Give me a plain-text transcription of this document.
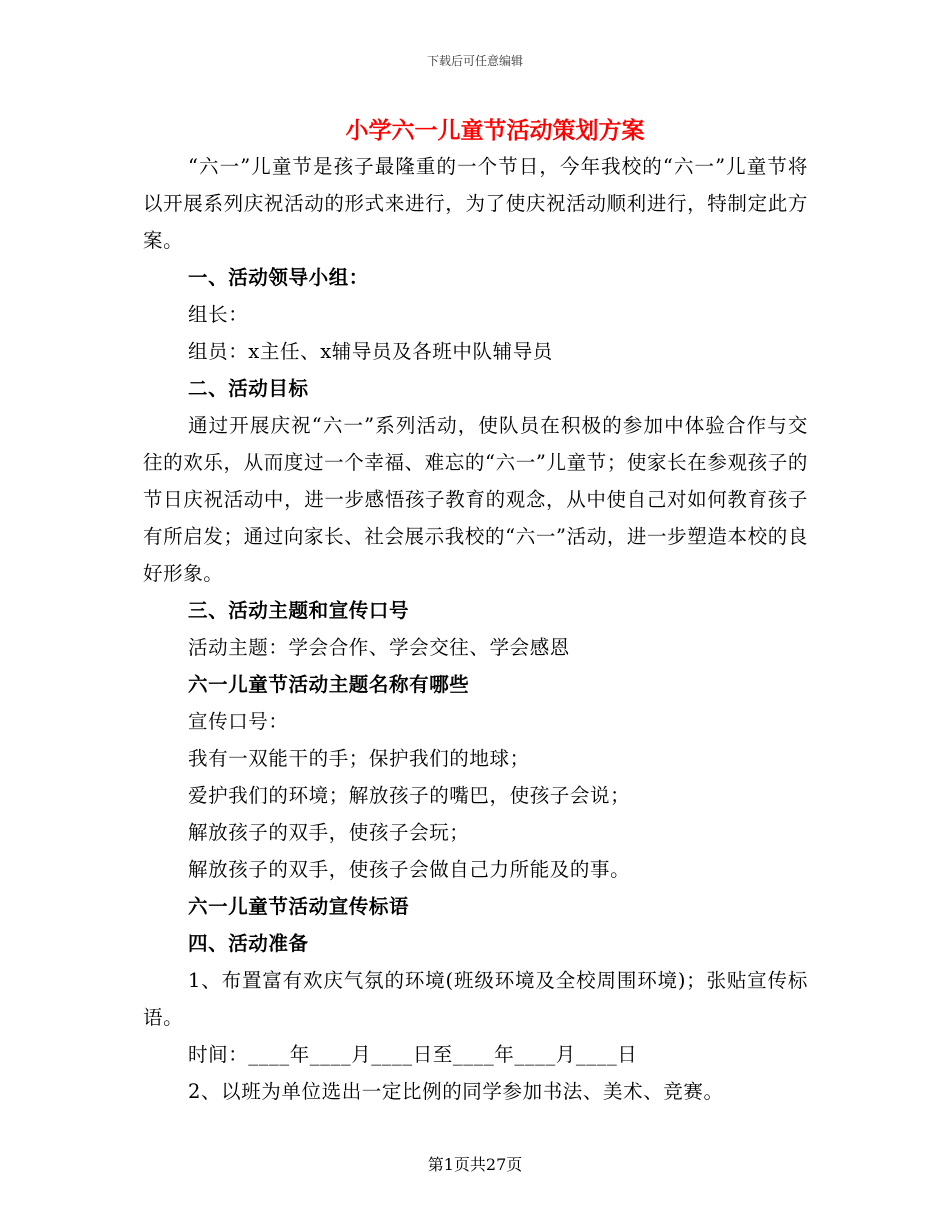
下载后可任意编辑
小学六一儿童节活动策划方案

“六一”儿童节是孩子最隆重的一个节日，今年我校的“六一”儿童节将以开展系列庆祝活动的形式来进行，为了使庆祝活动顺利进行，特制定此方案。

一、活动领导小组：

组长：

组员：x主任、x辅导员及各班中队辅导员

二、活动目标

通过开展庆祝“六一”系列活动，使队员在积极的参加中体验合作与交往的欢乐，从而度过一个幸福、难忘的“六一”儿童节；使家长在参观孩子的节日庆祝活动中，进一步感悟孩子教育的观念，从中使自己对如何教育孩子有所启发；通过向家长、社会展示我校的“六一”活动，进一步塑造本校的良好形象。

三、活动主题和宣传口号

活动主题：学会合作、学会交往、学会感恩

六一儿童节活动主题名称有哪些

宣传口号：

我有一双能干的手；保护我们的地球；

爱护我们的环境；解放孩子的嘴巴，使孩子会说；

解放孩子的双手，使孩子会玩；

解放孩子的双手，使孩子会做自己力所能及的事。

六一儿童节活动宣传标语

四、活动准备

1、布置富有欢庆气氛的环境(班级环境及全校周围环境)；张贴宣传标语。

时间：____年____月____日至____年____月____日

2、以班为单位选出一定比例的同学参加书法、美术、竞赛。

第1页共27页
